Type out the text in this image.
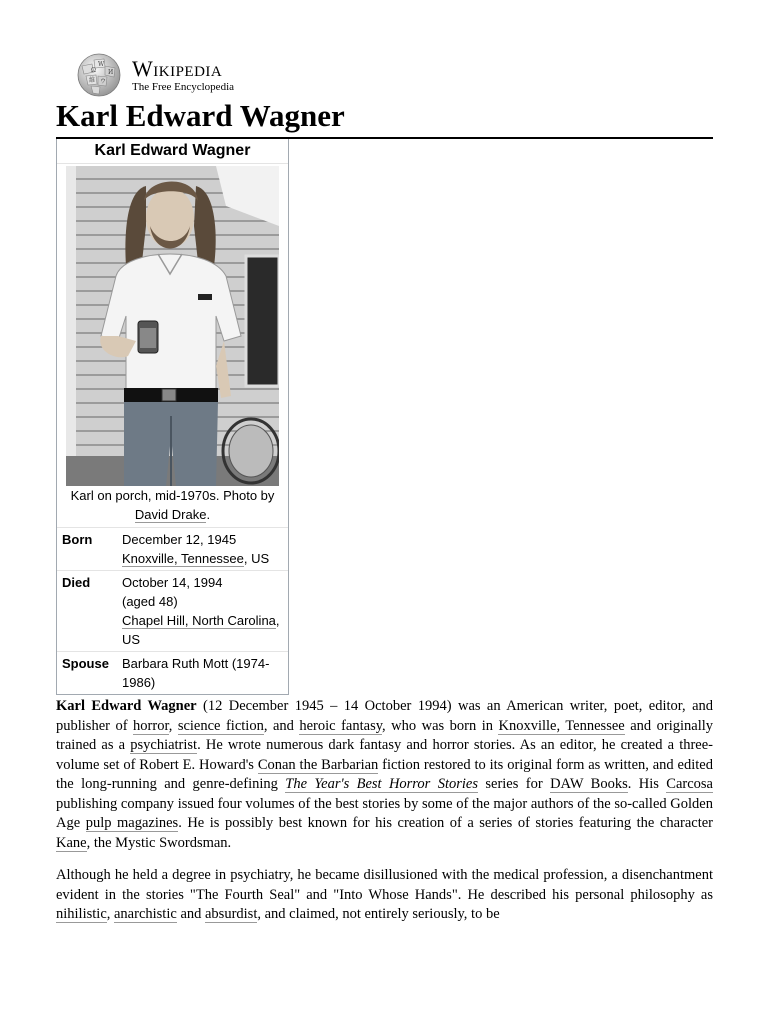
Ω
W
И
維 ウ
Wikipedia
The Free Encyclopedia
Karl Edward Wagner
Karl Edward Wagner
Karl on porch, mid-1970s. Photo by David Drake.
Born	December 12, 1945
Knoxville, Tennessee, US
Died	October 14, 1994
(aged 48)
Chapel Hill, North Carolina, US
Spouse	Barbara Ruth Mott (1974-1986)

Karl Edward Wagner (12 December 1945 – 14 October 1994) was an American writer, poet, editor, and publisher of horror, science fiction, and heroic fantasy, who was born in Knoxville, Tennessee and originally trained as a psychiatrist. He wrote numerous dark fantasy and horror stories. As an editor, he created a three-volume set of Robert E. Howard's Conan the Barbarian fiction restored to its original form as written, and edited the long-running and genre-defining The Year's Best Horror Stories series for DAW Books. His Carcosa publishing company issued four volumes of the best stories by some of the major authors of the so-called Golden Age pulp magazines. He is possibly best known for his creation of a series of stories featuring the character Kane, the Mystic Swordsman.

Although he held a degree in psychiatry, he became disillusioned with the medical profession, a disenchantment evident in the stories "The Fourth Seal" and "Into Whose Hands". He described his personal philosophy as nihilistic, anarchistic and absurdist, and claimed, not entirely seriously, to be
